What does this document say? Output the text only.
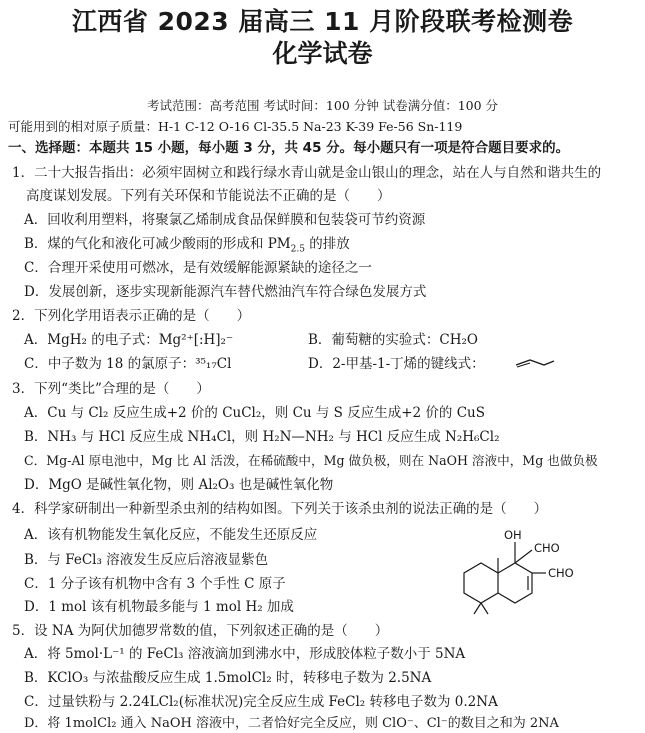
江西省 2023 届高三 11 月阶段联考检测卷
化学试卷
考试范围：高考范围 考试时间：100 分钟 试卷满分值：100 分
可能用到的相对原子质量：H-1 C-12 O-16 Cl-35.5 Na-23 K-39 Fe-56 Sn-119
一、选择题：本题共 15 小题，每小题 3 分，共 45 分。每小题只有一项是符合题目要求的。
1．二十大报告指出：必须牢固树立和践行绿水青山就是金山银山的理念，站在人与自然和谐共生的
高度谋划发展。下列有关环保和节能说法不正确的是（　　）
A．回收利用塑料，将聚氯乙烯制成食品保鲜膜和包装袋可节约资源
B．煤的气化和液化可减少酸雨的形成和 $PM_{2.5}$ 的排放
C．合理开采使用可燃冰，是有效缓解能源紧缺的途径之一
D．发展创新，逐步实现新能源汽车替代燃油汽车符合绿色发展方式
2．下列化学用语表示正确的是（　　）
A．MgH₂ 的电子式：Mg²⁺[:H]₂⁻	B．葡萄糖的实验式：CH₂O
C．中子数为 18 的氯原子：³⁵₁₇Cl	D．2-甲基-1-丁烯的键线式：
3．下列“类比”合理的是（　　）
A．Cu 与 Cl₂ 反应生成+2 价的 CuCl₂，则 Cu 与 S 反应生成+2 价的 CuS
B．NH₃ 与 HCl 反应生成 NH₄Cl，则 H₂N—NH₂ 与 HCl 反应生成 N₂H₆Cl₂
C．Mg-Al 原电池中，Mg 比 Al 活泼，在稀硫酸中，Mg 做负极，则在 NaOH 溶液中，Mg 也做负极
D．MgO 是碱性氧化物，则 Al₂O₃ 也是碱性氧化物
4．科学家研制出一种新型杀虫剂的结构如图。下列关于该杀虫剂的说法正确的是（　　）
A．该有机物能发生氧化反应，不能发生还原反应
B．与 FeCl₃ 溶液发生反应后溶液显紫色
C．1 分子该有机物中含有 3 个手性 C 原子
D．1 mol 该有机物最多能与 1 mol H₂ 加成
OH
CHO
CHO
5．设 NA 为阿伏加德罗常数的值，下列叙述正确的是（　　）
A．将 5mol·L⁻¹ 的 FeCl₃ 溶液滴加到沸水中，形成胶体粒子数小于 5NA
B．KClO₃ 与浓盐酸反应生成 1.5molCl₂ 时，转移电子数为 2.5NA
C．过量铁粉与 2.24LCl₂(标准状况)完全反应生成 FeCl₂ 转移电子数为 0.2NA
D．将 1molCl₂ 通入 NaOH 溶液中，二者恰好完全反应，则 ClO⁻、Cl⁻的数目之和为 2NA
